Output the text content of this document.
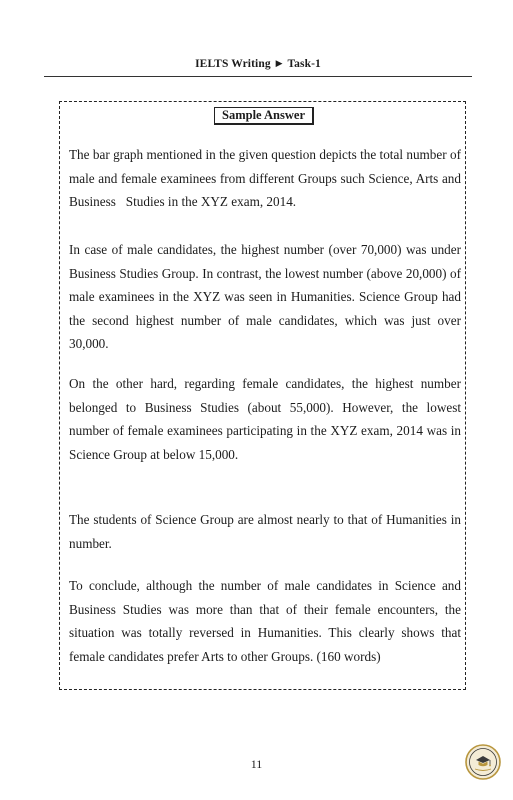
IELTS Writing ▶ Task-1
Sample Answer

The bar graph mentioned in the given question depicts the total number of male and female examinees from different Groups such Science, Arts and Business   Studies in the XYZ exam, 2014.

In case of male candidates, the highest number (over 70,000) was under Business Studies Group. In contrast, the lowest number (above 20,000) of male examinees in the XYZ was seen in Humanities. Science Group had the second highest number of male candidates, which was just over 30,000.

On the other hard, regarding female candidates, the highest number belonged to Business Studies (about 55,000). However, the lowest number of female examinees participating in the XYZ exam, 2014 was in Science Group at below 15,000.

The students of Science Group are almost nearly to that of Humanities in number.

To conclude, although the number of male candidates in Science and Business Studies was more than that of their female encounters, the situation was totally reversed in Humanities. This clearly shows that female candidates prefer Arts to other Groups. (160 words)

11
